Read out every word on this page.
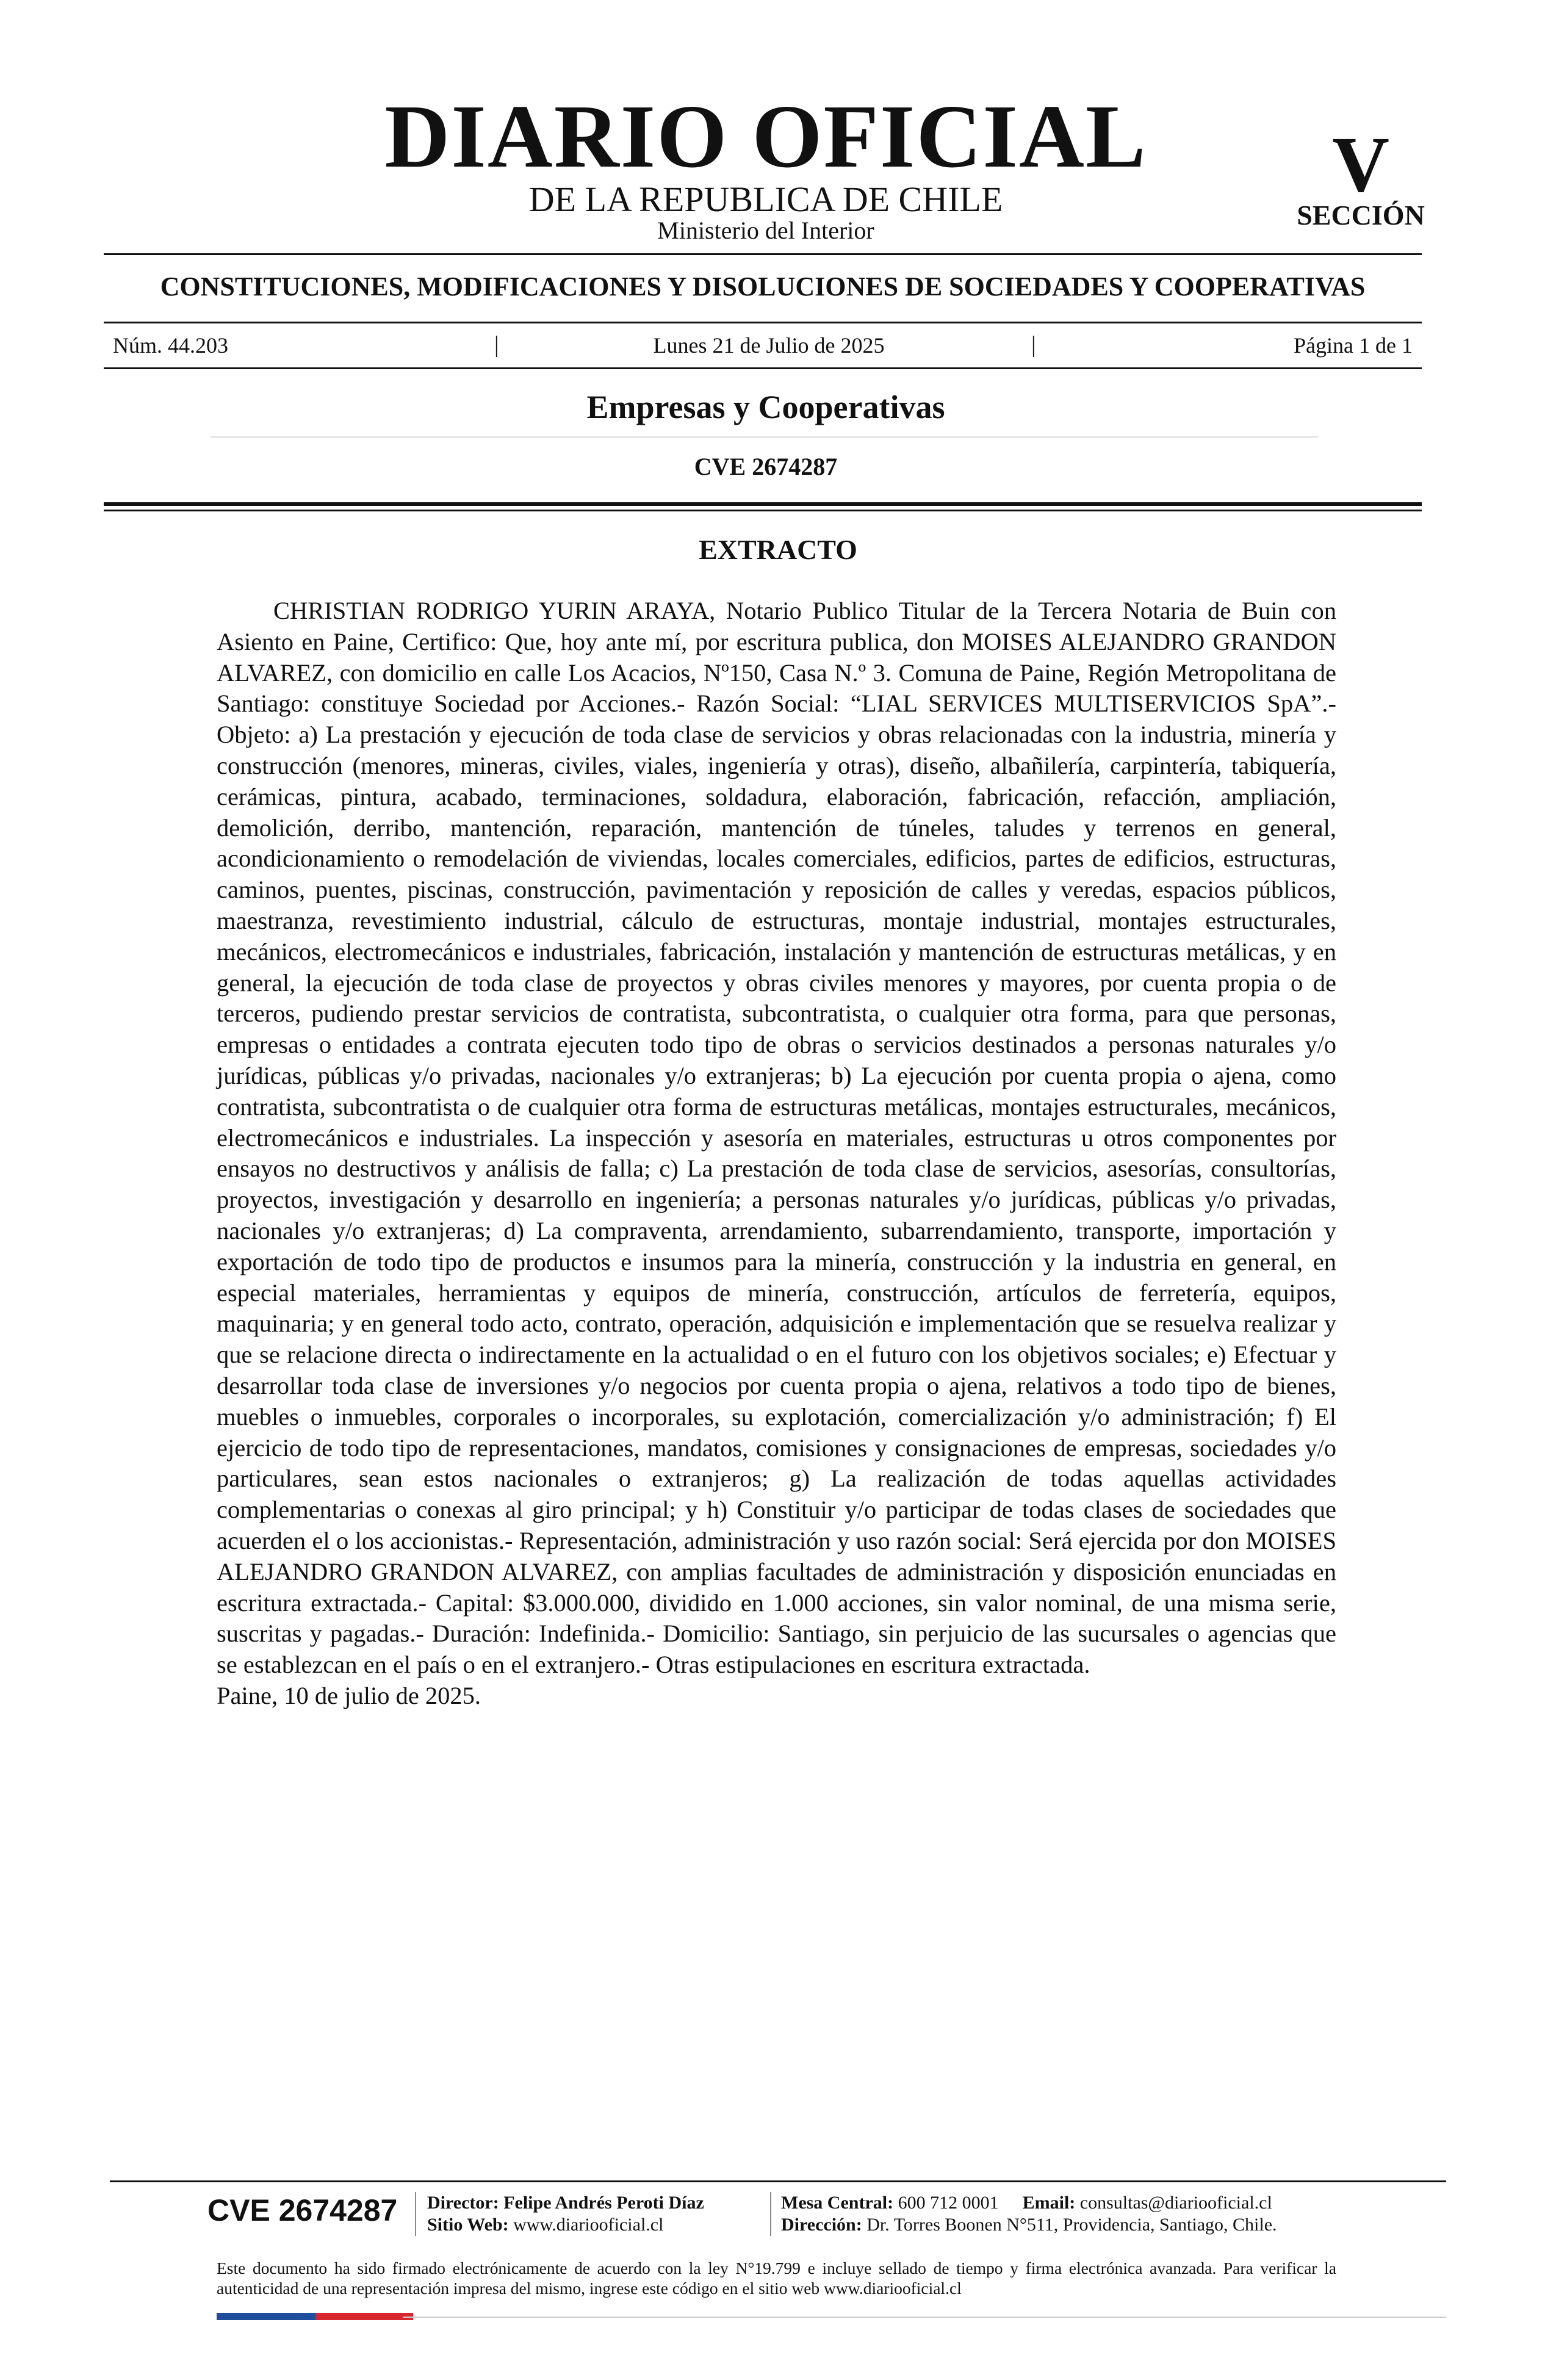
DIARIO OFICIAL
DE LA REPUBLICA DE CHILE
Ministerio del Interior
V
SECCIÓN
CONSTITUCIONES, MODIFICACIONES Y DISOLUCIONES DE SOCIEDADES Y COOPERATIVAS
Núm. 44.203	|	Lunes 21 de Julio de 2025	|	Página 1 de 1
Empresas y Cooperativas
CVE 2674287
EXTRACTO

CHRISTIAN RODRIGO YURIN ARAYA, Notario Publico Titular de la Tercera Notaria de Buin con Asiento en Paine, Certifico: Que, hoy ante mí, por escritura publica, don MOISES ALEJANDRO GRANDON ALVAREZ, con domicilio en calle Los Acacios, Nº150, Casa N.º 3. Comuna de Paine, Región Metropolitana de Santiago: constituye Sociedad por Acciones.- Razón Social: “LIAL SERVICES MULTISERVICIOS SpA”.- Objeto: a) La prestación y ejecución de toda clase de servicios y obras relacionadas con la industria, minería y construcción (menores, mineras, civiles, viales, ingeniería y otras), diseño, albañilería, carpintería, tabiquería, cerámicas, pintura, acabado, terminaciones, soldadura, elaboración, fabricación, refacción, ampliación, demolición, derribo, mantención, reparación, mantención de túneles, taludes y terrenos en general, acondicionamiento o remodelación de viviendas, locales comerciales, edificios, partes de edificios, estructuras, caminos, puentes, piscinas, construcción, pavimentación y reposición de calles y veredas, espacios públicos, maestranza, revestimiento industrial, cálculo de estructuras, montaje industrial, montajes estructurales, mecánicos, electromecánicos e industriales, fabricación, instalación y mantención de estructuras metálicas, y en general, la ejecución de toda clase de proyectos y obras civiles menores y mayores, por cuenta propia o de terceros, pudiendo prestar servicios de contratista, subcontratista, o cualquier otra forma, para que personas, empresas o entidades a contrata ejecuten todo tipo de obras o servicios destinados a personas naturales y/o jurídicas, públicas y/o privadas, nacionales y/o extranjeras; b) La ejecución por cuenta propia o ajena, como contratista, subcontratista o de cualquier otra forma de estructuras metálicas, montajes estructurales, mecánicos, electromecánicos e industriales. La inspección y asesoría en materiales, estructuras u otros componentes por ensayos no destructivos y análisis de falla; c) La prestación de toda clase de servicios, asesorías, consultorías, proyectos, investigación y desarrollo en ingeniería; a personas naturales y/o jurídicas, públicas y/o privadas, nacionales y/o extranjeras; d) La compraventa, arrendamiento, subarrendamiento, transporte, importación y exportación de todo tipo de productos e insumos para la minería, construcción y la industria en general, en especial materiales, herramientas y equipos de minería, construcción, artículos de ferretería, equipos, maquinaria; y en general todo acto, contrato, operación, adquisición e implementación que se resuelva realizar y que se relacione directa o indirectamente en la actualidad o en el futuro con los objetivos sociales; e) Efectuar y desarrollar toda clase de inversiones y/o negocios por cuenta propia o ajena, relativos a todo tipo de bienes, muebles o inmuebles, corporales o incorporales, su explotación, comercialización y/o administración; f) El ejercicio de todo tipo de representaciones, mandatos, comisiones y consignaciones de empresas, sociedades y/o particulares, sean estos nacionales o extranjeros; g) La realización de todas aquellas actividades complementarias o conexas al giro principal; y h) Constituir y/o participar de todas clases de sociedades que acuerden el o los accionistas.- Representación, administración y uso razón social: Será ejercida por don MOISES ALEJANDRO GRANDON ALVAREZ, con amplias facultades de administración y disposición enunciadas en escritura extractada.- Capital: $3.000.000, dividido en 1.000 acciones, sin valor nominal, de una misma serie, suscritas y pagadas.- Duración: Indefinida.- Domicilio: Santiago, sin perjuicio de las sucursales o agencias que se establezcan en el país o en el extranjero.- Otras estipulaciones en escritura extractada.

Paine, 10 de julio de 2025.
CVE 2674287 Director: Felipe Andrés Peroti Díaz
Sitio Web: www.diariooficial.cl
Mesa Central: 600 712 0001 Email: consultas@diariooficial.cl
Dirección: Dr. Torres Boonen N°511, Providencia, Santiago, Chile.

Este documento ha sido firmado electrónicamente de acuerdo con la ley N°19.799 e incluye sellado de tiempo y firma electrónica avanzada. Para verificar la autenticidad de una representación impresa del mismo, ingrese este código en el sitio web www.diariooficial.cl
